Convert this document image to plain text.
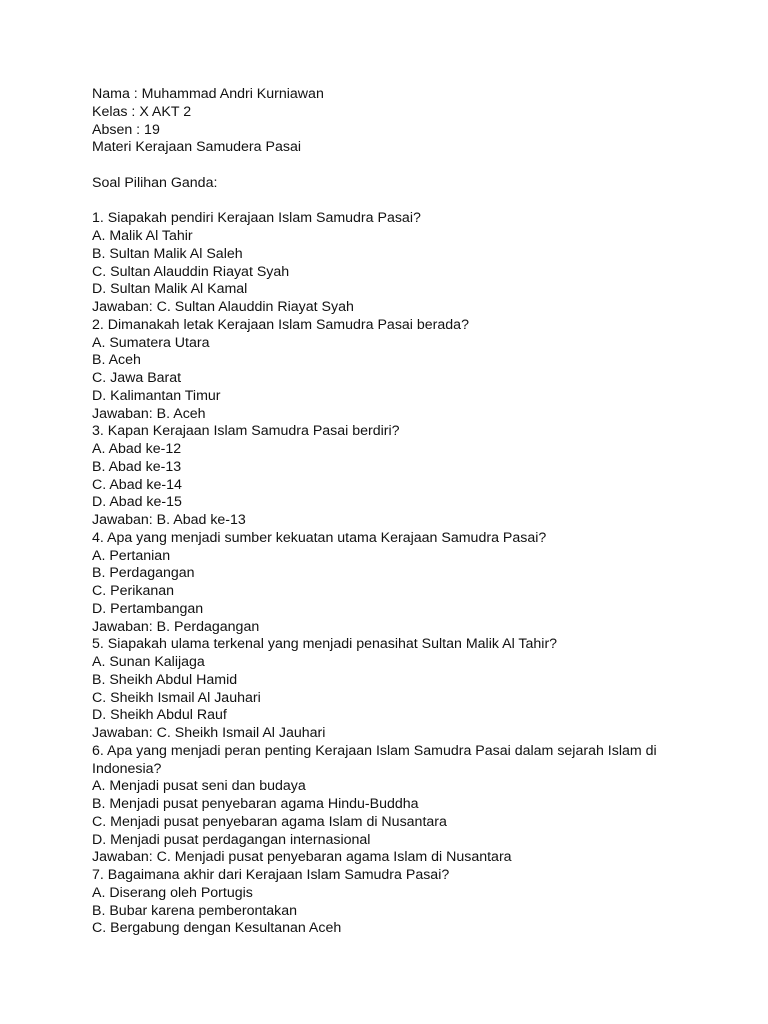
Nama : Muhammad Andri Kurniawan
Kelas : X AKT 2
Absen : 19
Materi Kerajaan Samudera Pasai
Soal Pilihan Ganda:
1. Siapakah pendiri Kerajaan Islam Samudra Pasai?
A. Malik Al Tahir
B. Sultan Malik Al Saleh
C. Sultan Alauddin Riayat Syah
D. Sultan Malik Al Kamal
Jawaban: C. Sultan Alauddin Riayat Syah
2. Dimanakah letak Kerajaan Islam Samudra Pasai berada?
A. Sumatera Utara
B. Aceh
C. Jawa Barat
D. Kalimantan Timur
Jawaban: B. Aceh
3. Kapan Kerajaan Islam Samudra Pasai berdiri?
A. Abad ke-12
B. Abad ke-13
C. Abad ke-14
D. Abad ke-15
Jawaban: B. Abad ke-13
4. Apa yang menjadi sumber kekuatan utama Kerajaan Samudra Pasai?
A. Pertanian
B. Perdagangan
C. Perikanan
D. Pertambangan
Jawaban: B. Perdagangan
5. Siapakah ulama terkenal yang menjadi penasihat Sultan Malik Al Tahir?
A. Sunan Kalijaga
B. Sheikh Abdul Hamid
C. Sheikh Ismail Al Jauhari
D. Sheikh Abdul Rauf
Jawaban: C. Sheikh Ismail Al Jauhari
6. Apa yang menjadi peran penting Kerajaan Islam Samudra Pasai dalam sejarah Islam di
Indonesia?
A. Menjadi pusat seni dan budaya
B. Menjadi pusat penyebaran agama Hindu-Buddha
C. Menjadi pusat penyebaran agama Islam di Nusantara
D. Menjadi pusat perdagangan internasional
Jawaban: C. Menjadi pusat penyebaran agama Islam di Nusantara
7. Bagaimana akhir dari Kerajaan Islam Samudra Pasai?
A. Diserang oleh Portugis
B. Bubar karena pemberontakan
C. Bergabung dengan Kesultanan Aceh
